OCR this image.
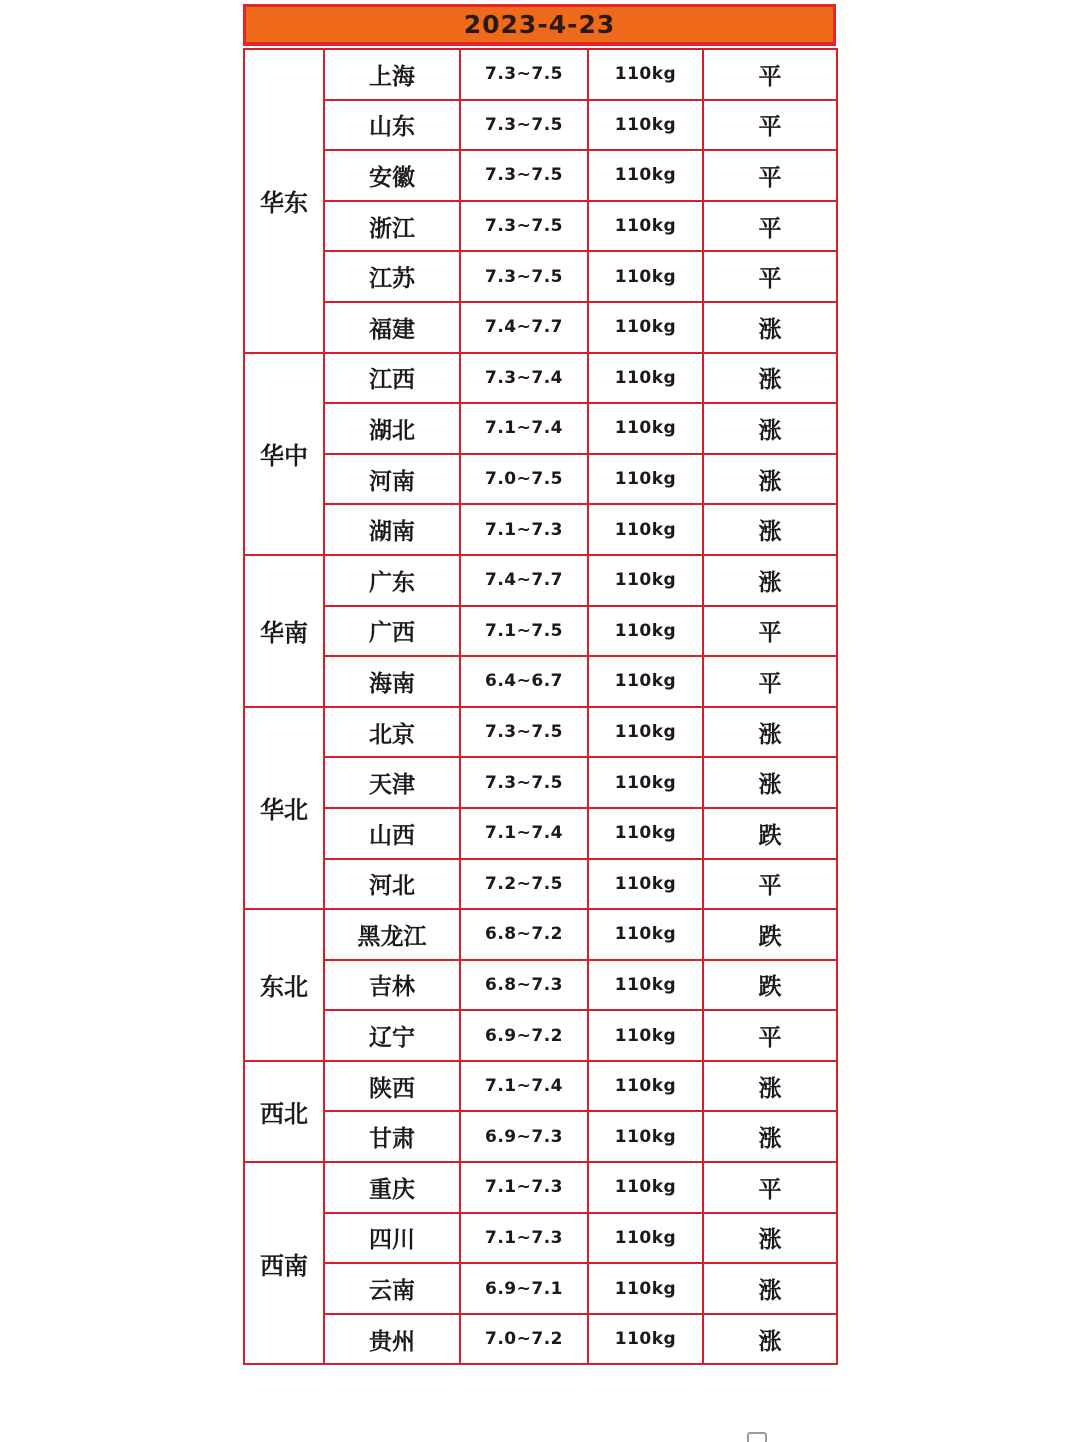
2023-4-23
华东	上海	7.3~7.5	110kg	平
	山东	7.3~7.5	110kg	平
	安徽	7.3~7.5	110kg	平
	浙江	7.3~7.5	110kg	平
	江苏	7.3~7.5	110kg	平
	福建	7.4~7.7	110kg	涨
华中	江西	7.3~7.4	110kg	涨
	湖北	7.1~7.4	110kg	涨
	河南	7.0~7.5	110kg	涨
	湖南	7.1~7.3	110kg	涨
华南	广东	7.4~7.7	110kg	涨
	广西	7.1~7.5	110kg	平
	海南	6.4~6.7	110kg	平
华北	北京	7.3~7.5	110kg	涨
	天津	7.3~7.5	110kg	涨
	山西	7.1~7.4	110kg	跌
	河北	7.2~7.5	110kg	平
东北	黑龙江	6.8~7.2	110kg	跌
	吉林	6.8~7.3	110kg	跌
	辽宁	6.9~7.2	110kg	平
西北	陕西	7.1~7.4	110kg	涨
	甘肃	6.9~7.3	110kg	涨
西南	重庆	7.1~7.3	110kg	平
	四川	7.1~7.3	110kg	涨
	云南	6.9~7.1	110kg	涨
	贵州	7.0~7.2	110kg	涨
